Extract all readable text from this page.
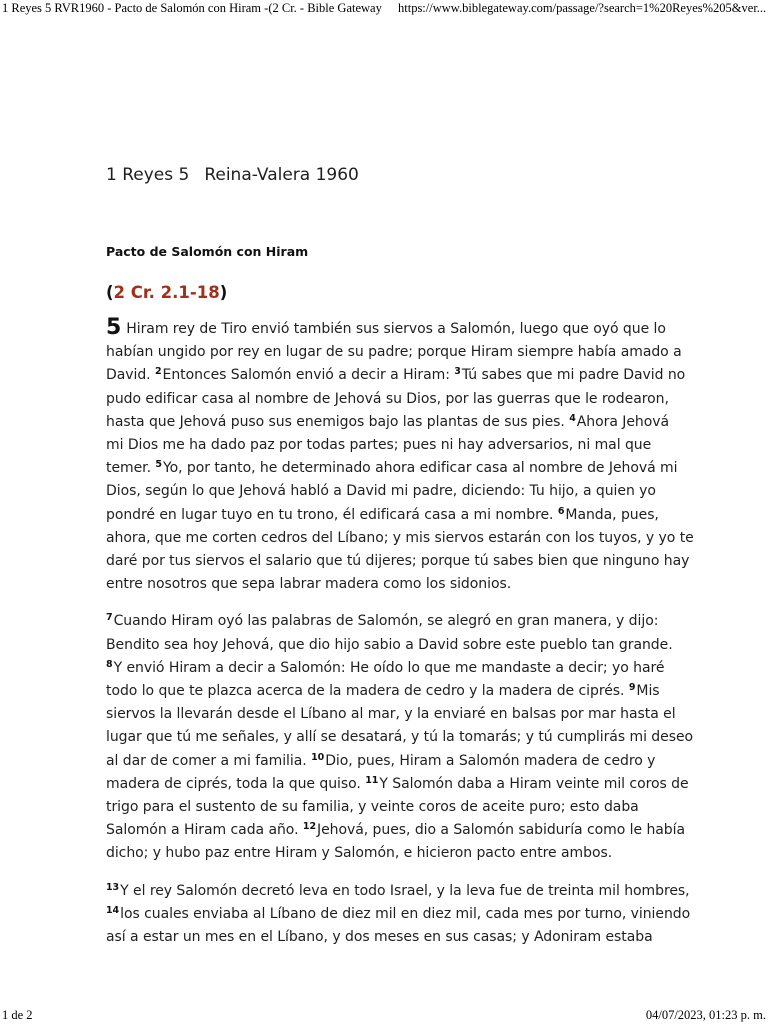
1 Reyes 5 RVR1960 - Pacto de Salomón con Hiram -(2 Cr. - Bible Gateway https://www.biblegateway.com/passage/?search=1%20Reyes%205&ver...
1 Reyes 5 Reina-Valera 1960
Pacto de Salomón con Hiram
(2 Cr. 2.1-18)

5 Hiram rey de Tiro envió también sus siervos a Salomón, luego que oyó que lo
habían ungido por rey en lugar de su padre; porque Hiram siempre había amado a
David. $^2$Entonces Salomón envió a decir a Hiram: $^3$Tú sabes que mi padre David no
pudo edificar casa al nombre de Jehová su Dios, por las guerras que le rodearon,
hasta que Jehová puso sus enemigos bajo las plantas de sus pies. $^4$Ahora Jehová
mi Dios me ha dado paz por todas partes; pues ni hay adversarios, ni mal que
temer. $^5$Yo, por tanto, he determinado ahora edificar casa al nombre de Jehová mi
Dios, según lo que Jehová habló a David mi padre, diciendo: Tu hijo, a quien yo
pondré en lugar tuyo en tu trono, él edificará casa a mi nombre. $^6$Manda, pues,
ahora, que me corten cedros del Líbano; y mis siervos estarán con los tuyos, y yo te
daré por tus siervos el salario que tú dijeres; porque tú sabes bien que ninguno hay
entre nosotros que sepa labrar madera como los sidonios.

$^7$Cuando Hiram oyó las palabras de Salomón, se alegró en gran manera, y dijo:
Bendito sea hoy Jehová, que dio hijo sabio a David sobre este pueblo tan grande.
$^8$Y envió Hiram a decir a Salomón: He oído lo que me mandaste a decir; yo haré
todo lo que te plazca acerca de la madera de cedro y la madera de ciprés. $^9$Mis
siervos la llevarán desde el Líbano al mar, y la enviaré en balsas por mar hasta el
lugar que tú me señales, y allí se desatará, y tú la tomarás; y tú cumplirás mi deseo
al dar de comer a mi familia. $^{10}$Dio, pues, Hiram a Salomón madera de cedro y
madera de ciprés, toda la que quiso. $^{11}$Y Salomón daba a Hiram veinte mil coros de
trigo para el sustento de su familia, y veinte coros de aceite puro; esto daba
Salomón a Hiram cada año. $^{12}$Jehová, pues, dio a Salomón sabiduría como le había
dicho; y hubo paz entre Hiram y Salomón, e hicieron pacto entre ambos.

$^{13}$Y el rey Salomón decretó leva en todo Israel, y la leva fue de treinta mil hombres,
$^{14}$los cuales enviaba al Líbano de diez mil en diez mil, cada mes por turno, viniendo
así a estar un mes en el Líbano, y dos meses en sus casas; y Adoniram estaba

1 de 2	04/07/2023, 01:23 p. m.
